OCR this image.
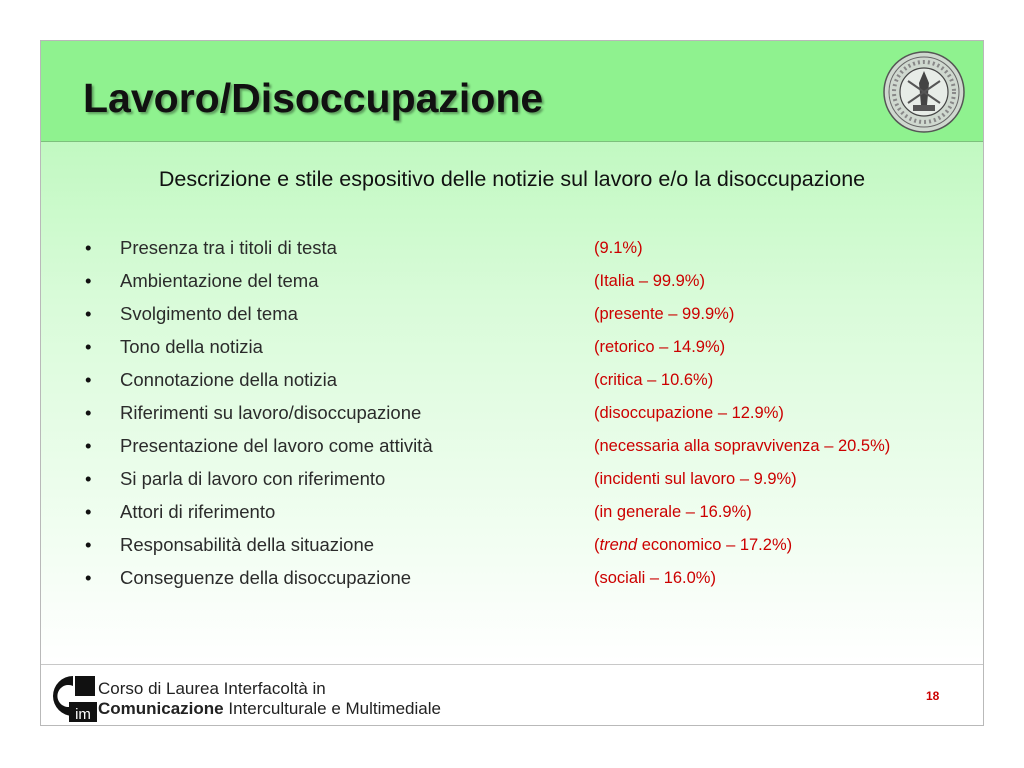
Lavoro/Disoccupazione
Descrizione e stile espositivo delle notizie sul lavoro e/o la disoccupazione
• Presenza tra i titoli di testa	(9.1%)
• Ambientazione del tema	(Italia – 99.9%)
• Svolgimento del tema	(presente – 99.9%)
• Tono della notizia	(retorico – 14.9%)
• Connotazione della notizia	(critica – 10.6%)
• Riferimenti su lavoro/disoccupazione	(disoccupazione – 12.9%)
• Presentazione del lavoro come attività	(necessaria alla sopravvivenza – 20.5%)
• Si parla di lavoro con riferimento	(incidenti sul lavoro – 9.9%)
• Attori di riferimento	(in generale – 16.9%)
• Responsabilità della situazione	(trend economico – 17.2%)
• Conseguenze della disoccupazione	(sociali – 16.0%)
im
Corso di Laurea Interfacoltà in
Comunicazione Interculturale e Multimediale
18
